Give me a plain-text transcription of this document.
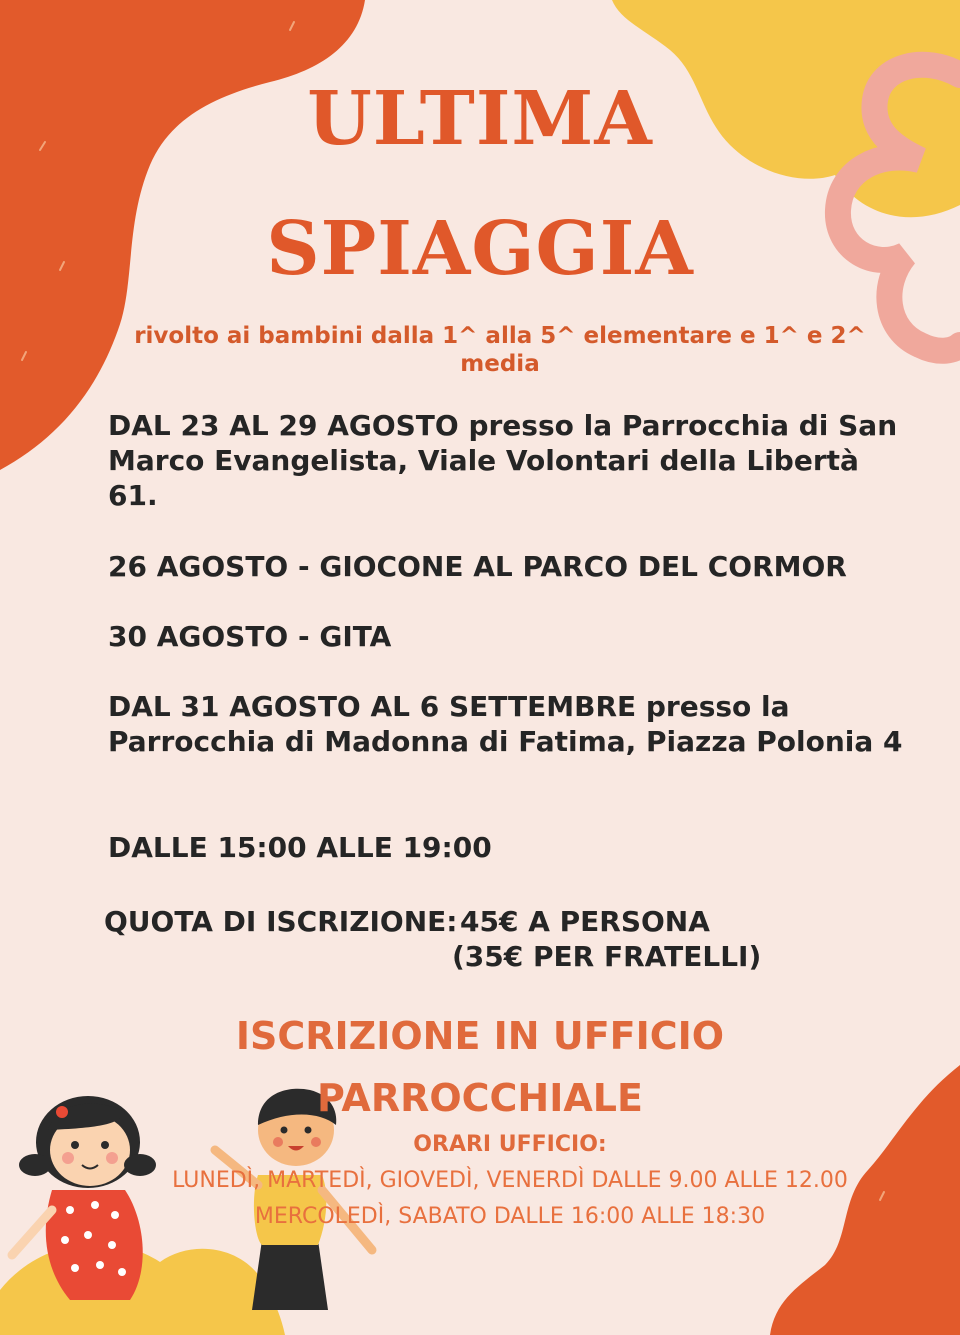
ULTIMA
SPIAGGIA

rivolto ai bambini dalla 1^ alla 5^ elementare e 1^ e 2^ media

DAL 23 AL 29 AGOSTO presso la Parrocchia di San Marco Evangelista, Viale Volontari della Libertà 61.

26 AGOSTO - GIOCONE AL PARCO DEL CORMOR

30 AGOSTO - GITA

DAL 31 AGOSTO AL 6 SETTEMBRE presso la Parrocchia di Madonna di Fatima, Piazza Polonia 4

DALLE 15:00 ALLE 19:00

QUOTA DI ISCRIZIONE: 45€ A PERSONA

(35€ PER FRATELLI)

ISCRIZIONE IN UFFICIO

PARROCCHIALE

ORARI UFFICIO:

LUNEDÌ, MARTEDÌ, GIOVEDÌ, VENERDÌ DALLE 9.00 ALLE 12.00

MERCOLEDÌ, SABATO DALLE 16:00 ALLE 18:30
